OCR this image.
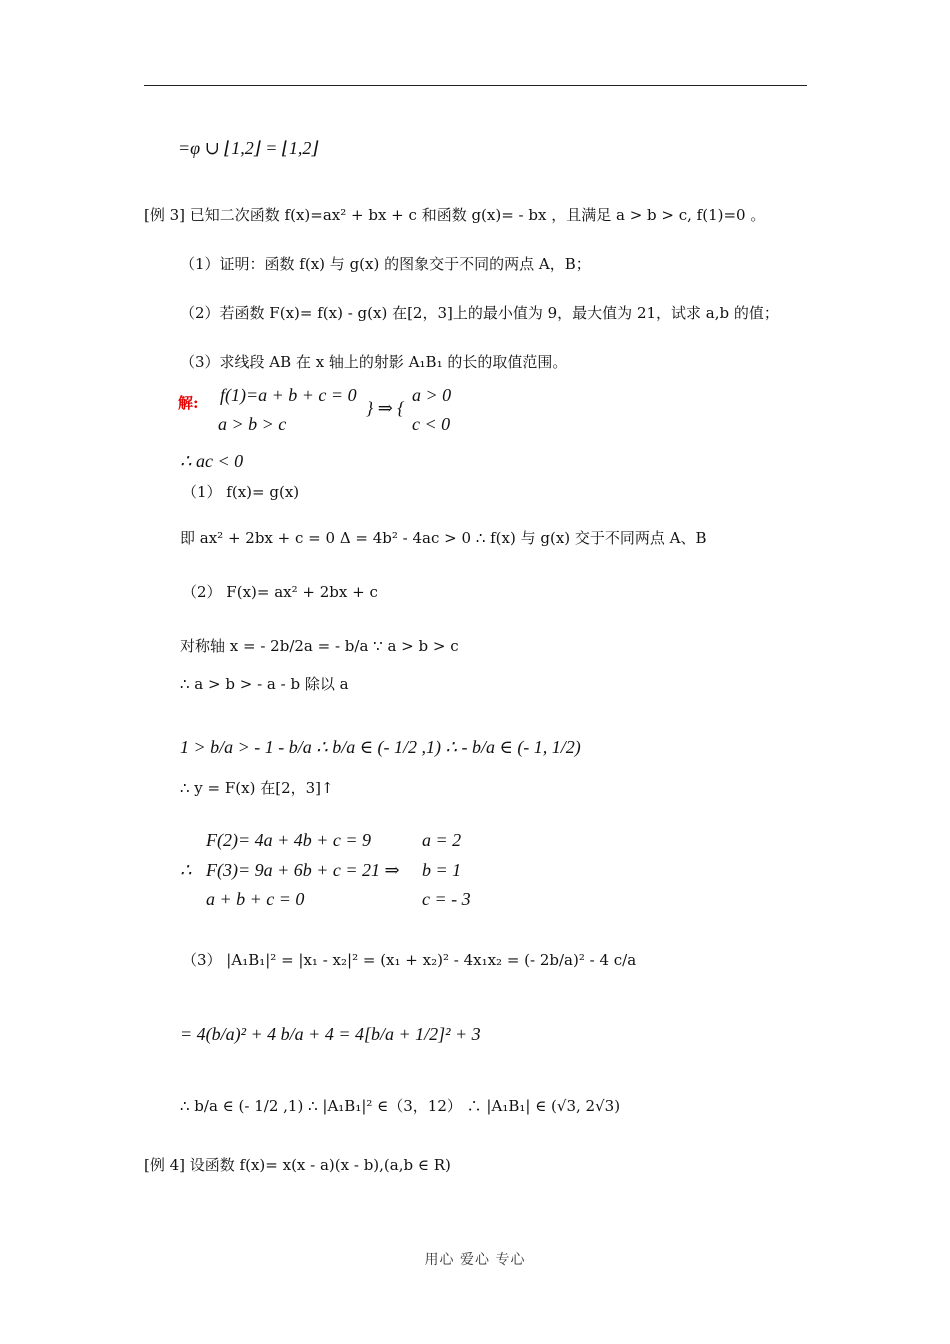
=φ ∪ ⌊1,2⌋ = ⌊1,2⌋
[例 3] 已知二次函数 f(x)=ax² + bx + c 和函数 g(x)= - bx ，且满足 a > b > c, f(1)=0 。
（1）证明：函数 f(x) 与 g(x) 的图象交于不同的两点 A，B；
（2）若函数 F(x)= f(x) - g(x) 在[2，3]上的最小值为 9，最大值为 21，试求 a,b 的值；
（3）求线段 AB 在 x 轴上的射影 A₁B₁ 的长的取值范围。
解: f(1)=a + b + c = 0
a > b > c
} ⇒ {
a > 0
c < 0
∴ ac < 0
（1） f(x)= g(x)
即 ax² + 2bx + c = 0 Δ = 4b² - 4ac > 0 ∴ f(x) 与 g(x) 交于不同两点 A、B
（2） F(x)= ax² + 2bx + c
对称轴 x = - 2b/2a = - b/a ∵ a > b > c
∴ a > b > - a - b 除以 a
1 > b/a > - 1 - b/a ∴ b/a ∈ (- 1/2 ,1) ∴ - b/a ∈ (- 1, 1/2)
∴ y = F(x) 在[2，3]↑
∴
F(2)= 4a + 4b + c = 9
F(3)= 9a + 6b + c = 21 ⇒
a + b + c = 0
a = 2
b = 1
c = - 3
（3） |A₁B₁|² = |x₁ - x₂|² = (x₁ + x₂)² - 4x₁x₂ = (- 2b/a)² - 4 c/a
= 4(b/a)² + 4 b/a + 4 = 4[b/a + 1/2]² + 3
∴ b/a ∈ (- 1/2 ,1) ∴ |A₁B₁|² ∈（3，12） ∴ |A₁B₁| ∈ (√3, 2√3)
[例 4] 设函数 f(x)= x(x - a)(x - b),(a,b ∈ R)
用心 爱心 专心
